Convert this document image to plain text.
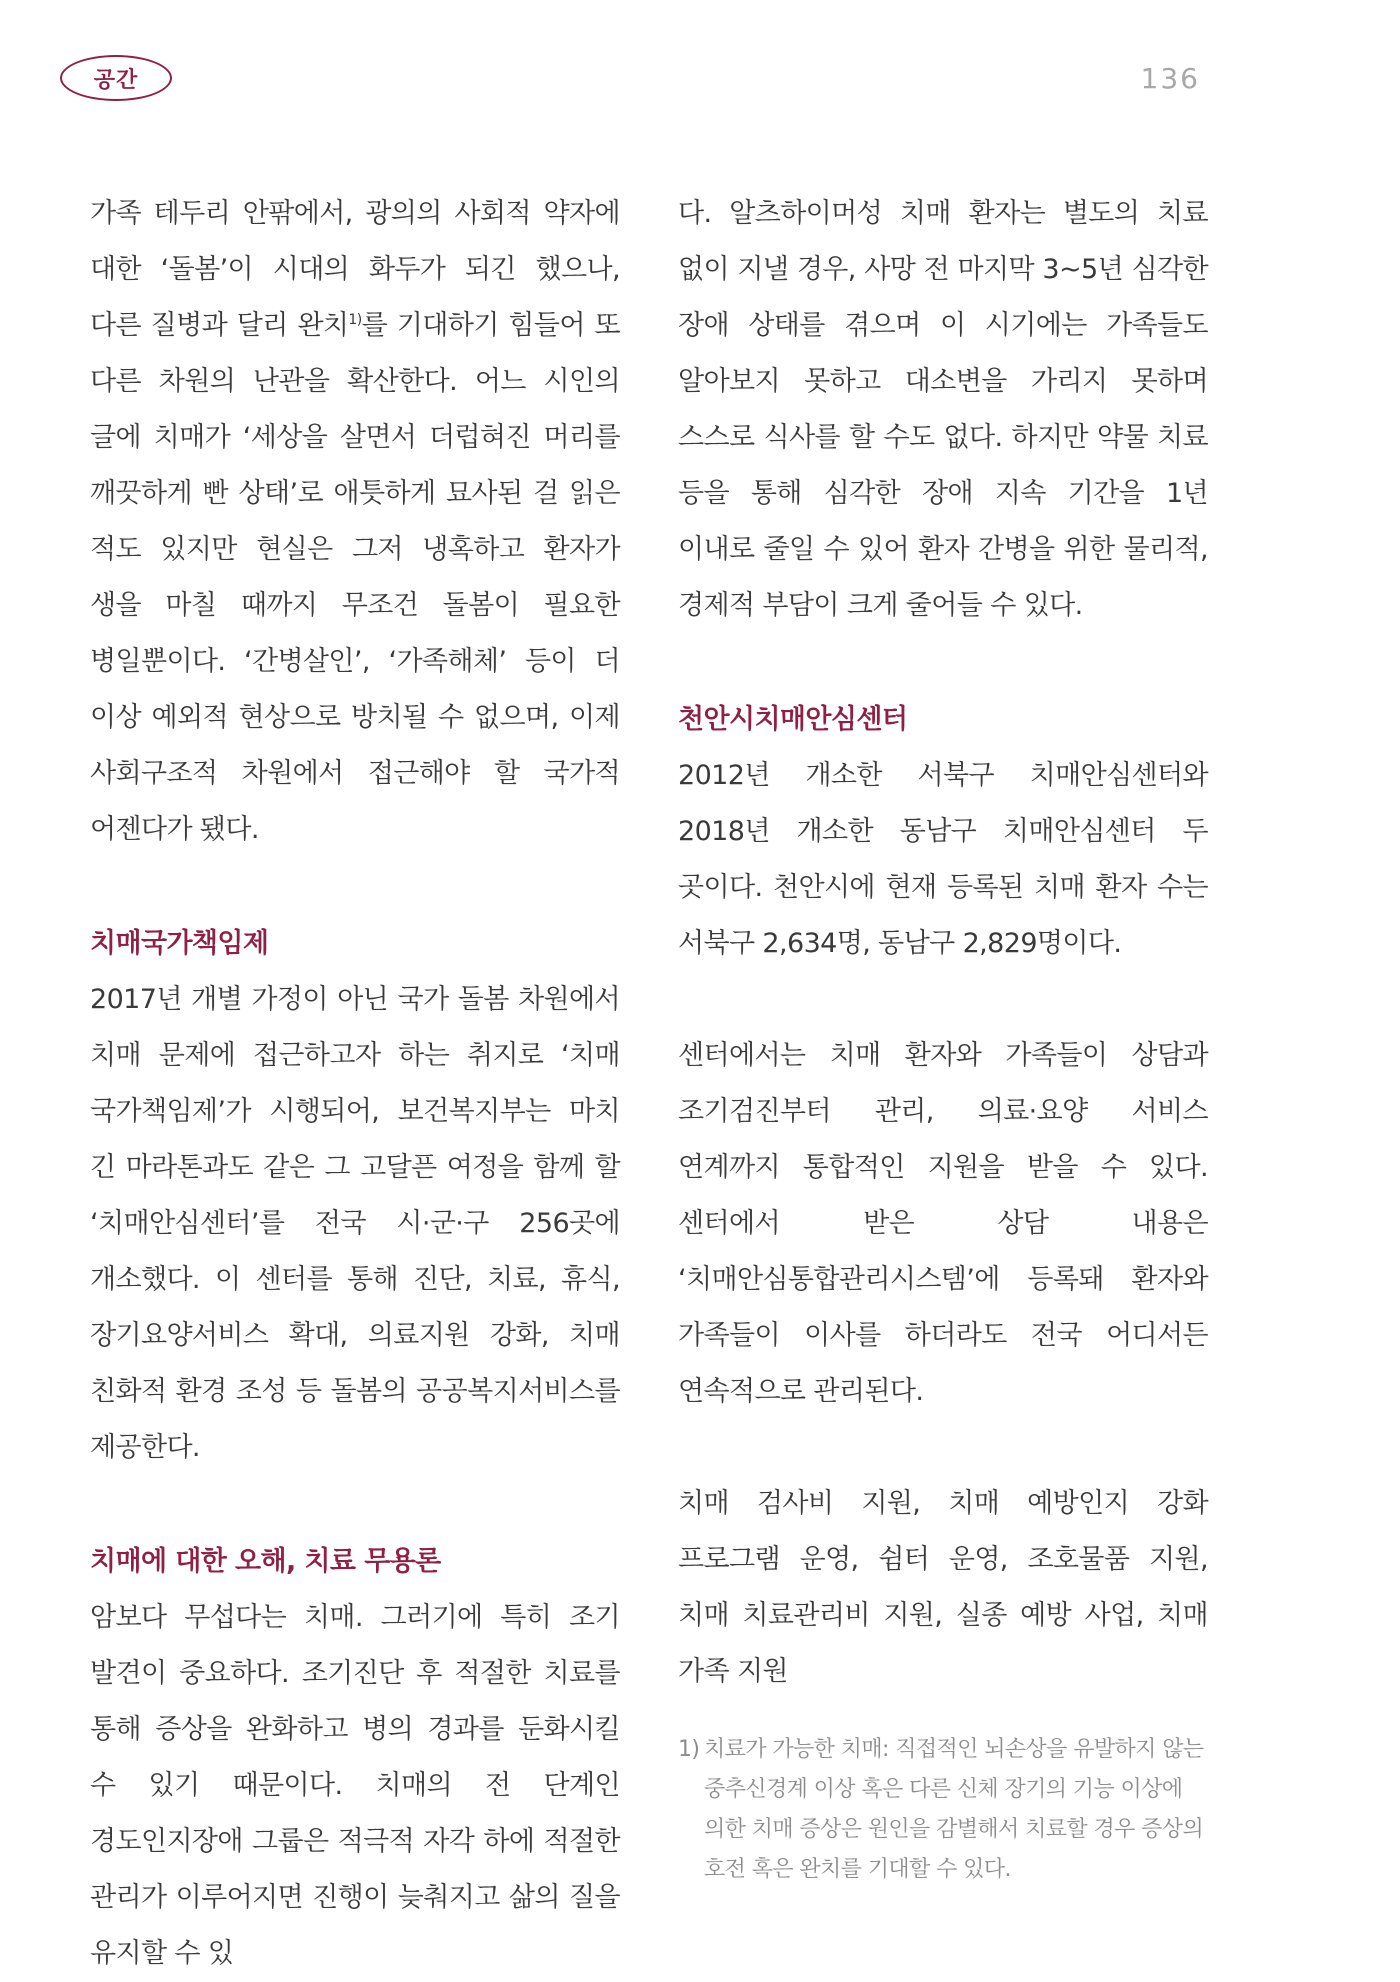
공간	136

가족 테두리 안팎에서, 광의의 사회적 약자에 대한 ‘돌봄’이 시대의 화두가 되긴 했으나, 다른 질병과 달리 완치$^{1)}$를 기대하기 힘들어 또 다른 차원의 난관을 확산한다. 어느 시인의 글에 치매가 ‘세상을 살면서 더럽혀진 머리를 깨끗하게 빤 상태’로 애틋하게 묘사된 걸 읽은 적도 있지만 현실은 그저 냉혹하고 환자가 생을 마칠 때까지 무조건 돌봄이 필요한 병일뿐이다. ‘간병살인’, ‘가족해체’ 등이 더 이상 예외적 현상으로 방치될 수 없으며, 이제 사회구조적 차원에서 접근해야 할 국가적 어젠다가 됐다.

치매국가책임제

2017년 개별 가정이 아닌 국가 돌봄 차원에서 치매 문제에 접근하고자 하는 취지로 ‘치매 국가책임제’가 시행되어, 보건복지부는 마치 긴 마라톤과도 같은 그 고달픈 여정을 함께 할 ‘치매안심센터’를 전국 시·군·구 256곳에 개소했다. 이 센터를 통해 진단, 치료, 휴식, 장기요양서비스 확대, 의료지원 강화, 치매 친화적 환경 조성 등 돌봄의 공공복지서비스를 제공한다.

치매에 대한 오해, 치료 무용론

암보다 무섭다는 치매. 그러기에 특히 조기 발견이 중요하다. 조기진단 후 적절한 치료를 통해 증상을 완화하고 병의 경과를 둔화시킬 수 있기 때문이다. 치매의 전 단계인 경도인지장애 그룹은 적극적 자각 하에 적절한 관리가 이루어지면 진행이 늦춰지고 삶의 질을 유지할 수 있

다. 알츠하이머성 치매 환자는 별도의 치료 없이 지낼 경우, 사망 전 마지막 3~5년 심각한 장애 상태를 겪으며 이 시기에는 가족들도 알아보지 못하고 대소변을 가리지 못하며 스스로 식사를 할 수도 없다. 하지만 약물 치료 등을 통해 심각한 장애 지속 기간을 1년 이내로 줄일 수 있어 환자 간병을 위한 물리적, 경제적 부담이 크게 줄어들 수 있다.

천안시치매안심센터

2012년 개소한 서북구 치매안심센터와 2018년 개소한 동남구 치매안심센터 두 곳이다. 천안시에 현재 등록된 치매 환자 수는 서북구 2,634명, 동남구 2,829명이다.

센터에서는 치매 환자와 가족들이 상담과 조기검진부터 관리, 의료·요양 서비스 연계까지 통합적인 지원을 받을 수 있다. 센터에서 받은 상담 내용은 ‘치매안심통합관리시스템’에 등록돼 환자와 가족들이 이사를 하더라도 전국 어디서든 연속적으로 관리된다.

치매 검사비 지원, 치매 예방인지 강화 프로그램 운영, 쉼터 운영, 조호물품 지원, 치매 치료관리비 지원, 실종 예방 사업, 치매 가족 지원

1) 치료가 가능한 치매: 직접적인 뇌손상을 유발하지 않는 중추신경계 이상 혹은 다른 신체 장기의 기능 이상에 의한 치매 증상은 원인을 감별해서 치료할 경우 증상의 호전 혹은 완치를 기대할 수 있다.
